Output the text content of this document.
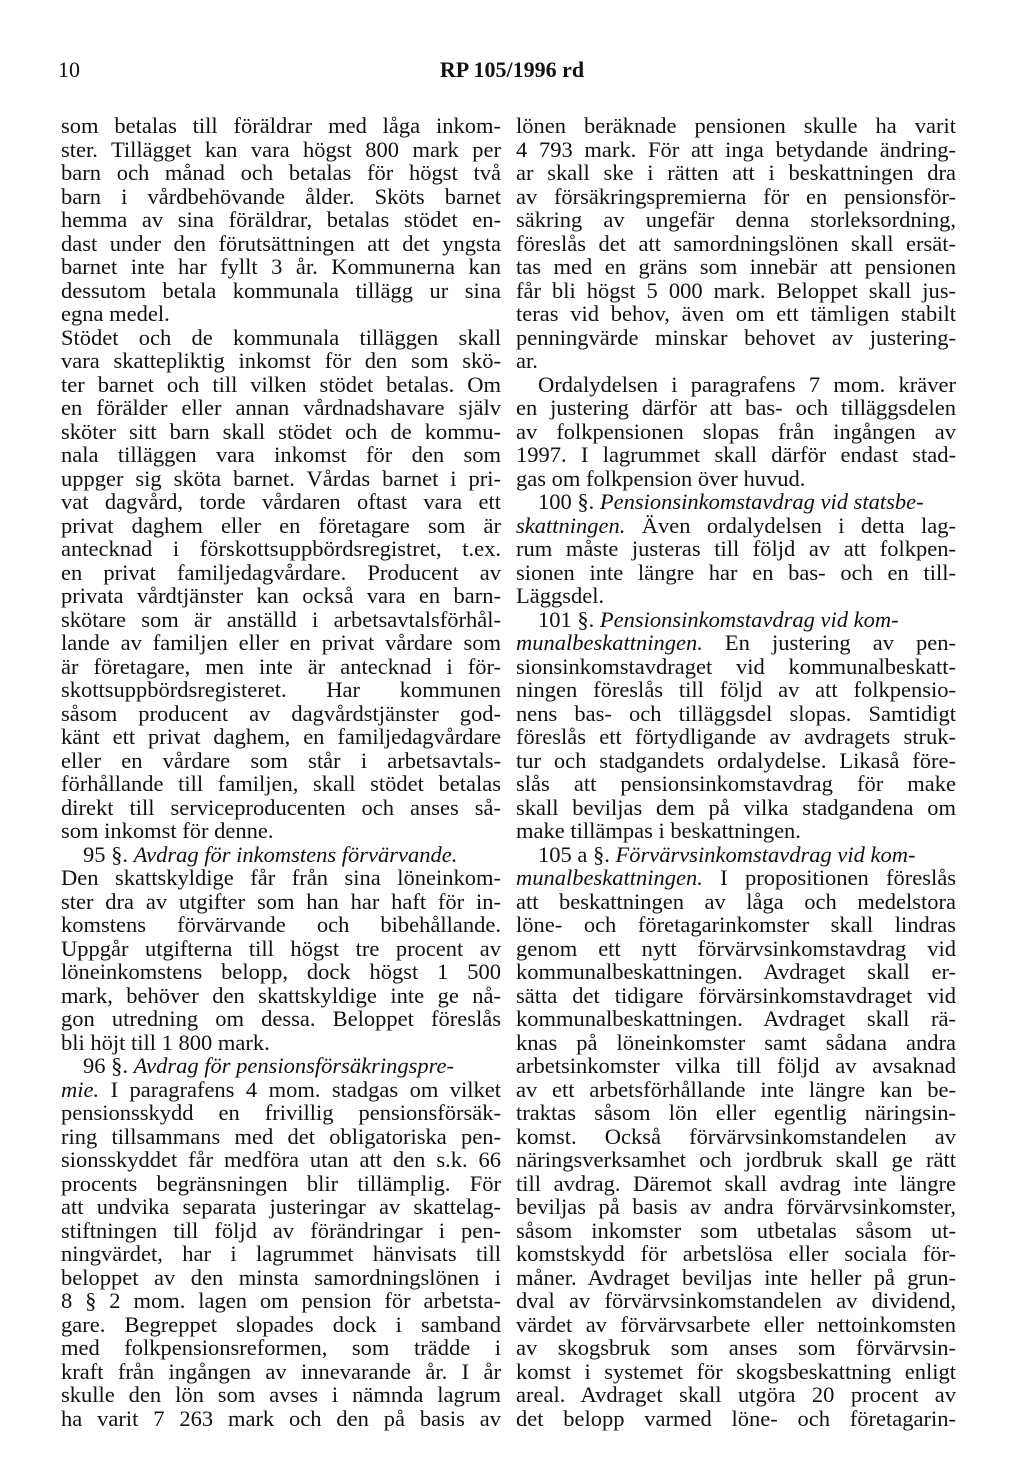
10	RP 105/1996 rd
som betalas till föräldrar med låga inkom-
ster. Tillägget kan vara högst 800 mark per
barn och månad och betalas för högst två
barn i vårdbehövande ålder. Sköts barnet
hemma av sina föräldrar, betalas stödet en-
dast under den förutsättningen att det yngsta
barnet inte har fyllt 3 år. Kommunerna kan
dessutom betala kommunala tillägg ur sina
egna medel.
Stödet och de kommunala tilläggen skall
vara skattepliktig inkomst för den som skö-
ter barnet och till vilken stödet betalas. Om
en förälder eller annan vårdnadshavare själv
sköter sitt barn skall stödet och de kommu-
nala tilläggen vara inkomst för den som
uppger sig sköta barnet. Vårdas barnet i pri-
vat dagvård, torde vårdaren oftast vara ett
privat daghem eller en företagare som är
antecknad i förskottsuppbördsregistret, t.ex.
en privat familjedagvårdare. Producent av
privata vårdtjänster kan också vara en barn-
skötare som är anställd i arbetsavtalsförhål-
lande av familjen eller en privat vårdare som
är företagare, men inte är antecknad i för-
skottsuppbördsregisteret. Har kommunen
såsom producent av dagvårdstjänster god-
känt ett privat daghem, en familjedagvårdare
eller en vårdare som står i arbetsavtals-
förhållande till familjen, skall stödet betalas
direkt till serviceproducenten och anses så-
som inkomst för denne.
95 §. Avdrag för inkomstens förvärvande.
Den skattskyldige får från sina löneinkom-
ster dra av utgifter som han har haft för in-
komstens förvärvande och bibehållande.
Uppgår utgifterna till högst tre procent av
löneinkomstens belopp, dock högst 1 500
mark, behöver den skattskyldige inte ge nå-
gon utredning om dessa. Beloppet föreslås
bli höjt till 1 800 mark.
96 §. Avdrag för pensionsförsäkringspre-
mie. I paragrafens 4 mom. stadgas om vilket
pensionsskydd en frivillig pensionsförsäk-
ring tillsammans med det obligatoriska pen-
sionsskyddet får medföra utan att den s.k. 66
procents begränsningen blir tillämplig. För
att undvika separata justeringar av skattelag-
stiftningen till följd av förändringar i pen-
ningvärdet, har i lagrummet hänvisats till
beloppet av den minsta samordningslönen i
8 § 2 mom. lagen om pension för arbetsta-
gare. Begreppet slopades dock i samband
med folkpensionsreformen, som trädde i
kraft från ingången av innevarande år. I år
skulle den lön som avses i nämnda lagrum
ha varit 7 263 mark och den på basis av
lönen beräknade pensionen skulle ha varit
4 793 mark. För att inga betydande ändring-
ar skall ske i rätten att i beskattningen dra
av försäkringspremierna för en pensionsför-
säkring av ungefär denna storleksordning,
föreslås det att samordningslönen skall ersät-
tas med en gräns som innebär att pensionen
får bli högst 5 000 mark. Beloppet skall jus-
teras vid behov, även om ett tämligen stabilt
penningvärde minskar behovet av justering-
ar.
Ordalydelsen i paragrafens 7 mom. kräver
en justering därför att bas- och tilläggsdelen
av folkpensionen slopas från ingången av
1997. I lagrummet skall därför endast stad-
gas om folkpension över huvud.
100 §. Pensionsinkomstavdrag vid statsbe-
skattningen. Även ordalydelsen i detta lag-
rum måste justeras till följd av att folkpen-
sionen inte längre har en bas- och en till-
Läggsdel.
101 §. Pensionsinkomstavdrag vid kom-
munalbeskattningen. En justering av pen-
sionsinkomstavdraget vid kommunalbeskatt-
ningen föreslås till följd av att folkpensio-
nens bas- och tilläggsdel slopas. Samtidigt
föreslås ett förtydligande av avdragets struk-
tur och stadgandets ordalydelse. Likaså före-
slås att pensionsinkomstavdrag för make
skall beviljas dem på vilka stadgandena om
make tillämpas i beskattningen.
105 a §. Förvärvsinkomstavdrag vid kom-
munalbeskattningen. I propositionen föreslås
att beskattningen av låga och medelstora
löne- och företagarinkomster skall lindras
genom ett nytt förvärvsinkomstavdrag vid
kommunalbeskattningen. Avdraget skall er-
sätta det tidigare förvärsinkomstavdraget vid
kommunalbeskattningen. Avdraget skall rä-
knas på löneinkomster samt sådana andra
arbetsinkomster vilka till följd av avsaknad
av ett arbetsförhållande inte längre kan be-
traktas såsom lön eller egentlig näringsin-
komst. Också förvärvsinkomstandelen av
näringsverksamhet och jordbruk skall ge rätt
till avdrag. Däremot skall avdrag inte längre
beviljas på basis av andra förvärvsinkomster,
såsom inkomster som utbetalas såsom ut-
komstskydd för arbetslösa eller sociala för-
måner. Avdraget beviljas inte heller på grun-
dval av förvärvsinkomstandelen av dividend,
värdet av förvärvsarbete eller nettoinkomsten
av skogsbruk som anses som förvärvsin-
komst i systemet för skogsbeskattning enligt
areal. Avdraget skall utgöra 20 procent av
det belopp varmed löne- och företagarin-
